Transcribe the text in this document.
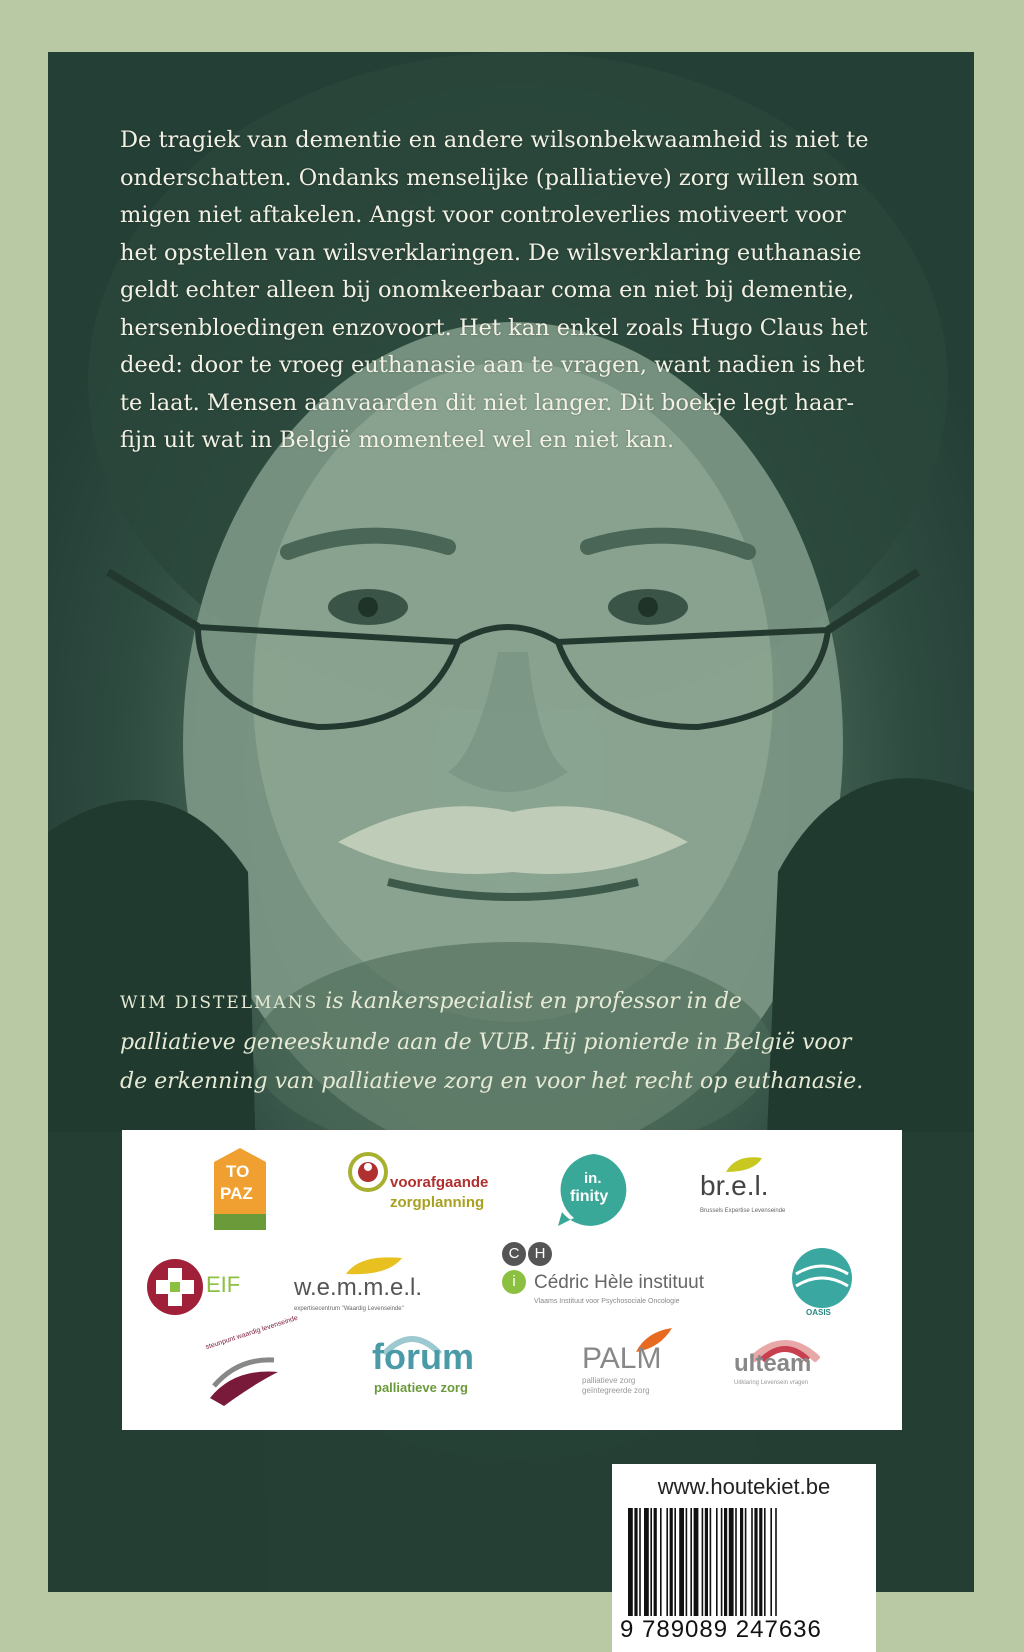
De tragiek van dementie en andere wilsonbekwaamheid is niet te
onderschatten. Ondanks menselijke (palliatieve) zorg willen som
migen niet aftakelen. Angst voor controleverlies motiveert voor
het opstellen van wilsverklaringen. De wilsverklaring euthanasie
geldt echter alleen bij onomkeerbaar coma en niet bij dementie,
hersenbloedingen enzovoort. Het kan enkel zoals Hugo Claus het
deed: door te vroeg euthanasie aan te vragen, want nadien is het
te laat. Mensen aanvaarden dit niet langer. Dit boekje legt haar-
fijn uit wat in België momenteel wel en niet kan.

WIM DISTELMANS is kankerspecialist en professor in de
palliatieve geneeskunde aan de VUB. Hij pionierde in België voor
de erkenning van palliatieve zorg en voor het recht op euthanasie.

TO
PAZ
voorafgaande
zorgplanning
in.
finity	br.e.l.
Brussels Expertise Levenseinde
EIF w.e.m.m.e.l.
expertisecentrum "Waardig Levenseinde"
C	H
i Cédric Hèle instituut
Vlaams Instituut voor Psychosociale Oncologie
OASIS
steunpunt waardig levenseinde
forum
palliatieve zorg
PALM
palliatieve zorg
geïntegreerde zorg
ulteam
Uitklaring Levensein vragen
www.houtekiet.be
9 789089 247636
